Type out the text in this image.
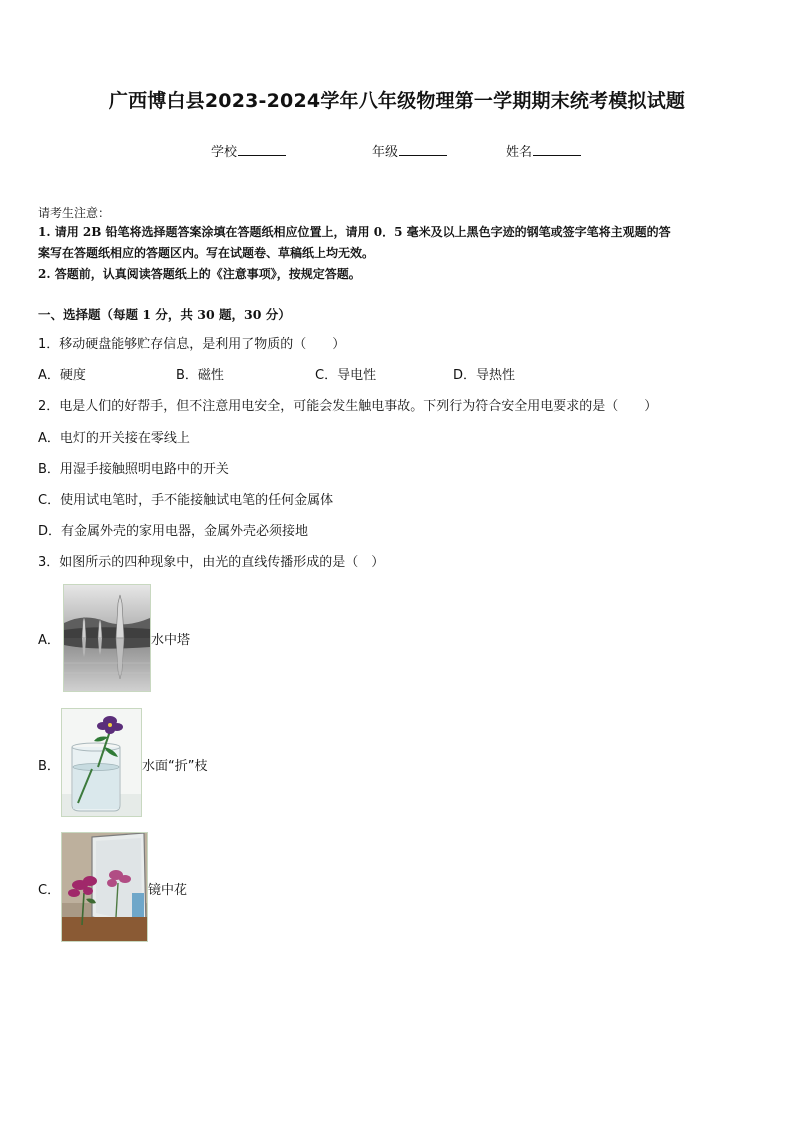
广西博白县2023-2024学年八年级物理第一学期期末统考模拟试题
学校	年级	姓名
请考生注意：
1. 请用 2B 铅笔将选择题答案涂填在答题纸相应位置上，请用 0．5 毫米及以上黑色字迹的钢笔或签字笔将主观题的答
案写在答题纸相应的答题区内。写在试题卷、草稿纸上均无效。
2. 答题前，认真阅读答题纸上的《注意事项》，按规定答题。
一、选择题（每题 1 分，共 30 题，30 分）
1．移动硬盘能够贮存信息，是利用了物质的（　　）
A．硬度	B．磁性	C．导电性	D．导热性
2．电是人们的好帮手，但不注意用电安全，可能会发生触电事故。下列行为符合安全用电要求的是（　　）
A．电灯的开关接在零线上
B．用湿手接触照明电路中的开关
C．使用试电笔时，手不能接触试电笔的任何金属体
D．有金属外壳的家用电器，金属外壳必须接地
3．如图所示的四种现象中，由光的直线传播形成的是（　）
A．	水中塔
B．	水面“折”枝
C．	镜中花
